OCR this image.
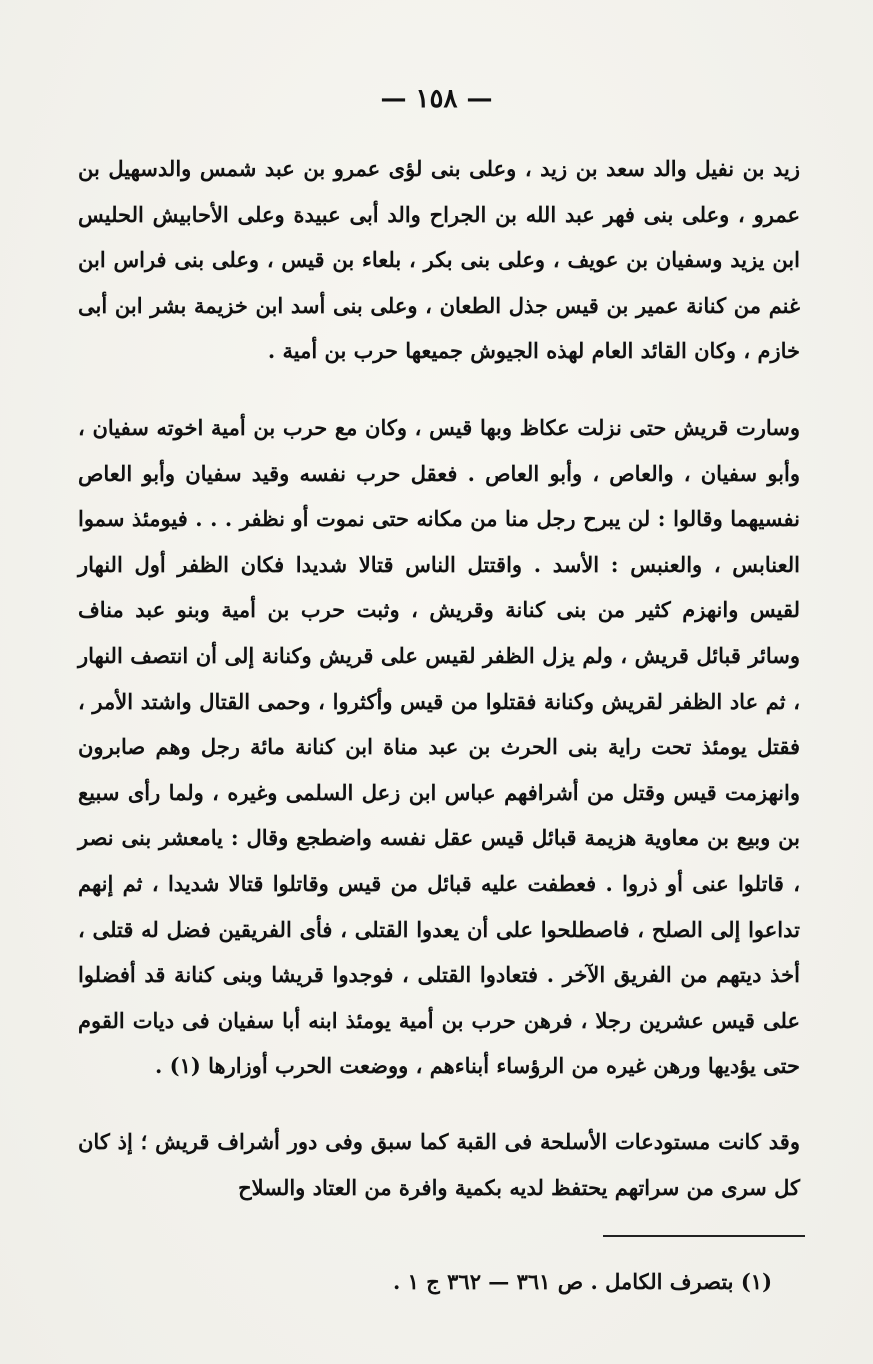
— ١٥٨ —
زيد بن نفيل والد سعد بن زيد ، وعلى بنى لؤى عمرو بن عبد شمس والدسهيل بن عمرو ، وعلى بنى فهر عبد الله بن الجراح والد أبى عبيدة وعلى الأحابيش الحليس ابن يزيد وسفيان بن عويف ، وعلى بنى بكر ، بلعاء بن قيس ، وعلى بنى فراس ابن غنم من كنانة عمير بن قيس جذل الطعان ، وعلى بنى أسد ابن خزيمة بشر ابن أبى خازم ، وكان القائد العام لهذه الجيوش جميعها حرب بن أمية .
وسارت قريش حتى نزلت عكاظ وبها قيس ، وكان مع حرب بن أمية اخوته سفيان ، وأبو سفيان ، والعاص ، وأبو العاص . فعقل حرب نفسه وقيد سفيان وأبو العاص نفسيهما وقالوا : لن يبرح رجل منا من مكانه حتى نموت أو نظفر . . . فيومئذ سموا العنابس ، والعنبس : الأسد . واقتتل الناس قتالا شديدا فكان الظفر أول النهار لقيس وانهزم كثير من بنى كنانة وقريش ، وثبت حرب بن أمية وبنو عبد مناف وسائر قبائل قريش ، ولم يزل الظفر لقيس على قريش وكنانة إلى أن انتصف النهار ، ثم عاد الظفر لقريش وكنانة فقتلوا من قيس وأكثروا ، وحمى القتال واشتد الأمر ، فقتل يومئذ تحت راية بنى الحرث بن عبد مناة ابن كنانة مائة رجل وهم صابرون وانهزمت قيس وقتل من أشرافهم عباس ابن زعل السلمى وغيره ، ولما رأى سبيع بن وبيع بن معاوية هزيمة قبائل قيس عقل نفسه واضطجع وقال : يامعشر بنى نصر ، قاتلوا عنى أو ذروا . فعطفت عليه قبائل من قيس وقاتلوا قتالا شديدا ، ثم إنهم تداعوا إلى الصلح ، فاصطلحوا على أن يعدوا القتلى ، فأى الفريقين فضل له قتلى ، أخذ ديتهم من الفريق الآخر . فتعادوا القتلى ، فوجدوا قريشا وبنى كنانة قد أفضلوا على قيس عشرين رجلا ، فرهن حرب بن أمية يومئذ ابنه أبا سفيان فى ديات القوم حتى يؤديها ورهن غيره من الرؤساء أبناءهم ، ووضعت الحرب أوزارها (١) .
وقد كانت مستودعات الأسلحة فى القبة كما سبق وفى دور أشراف قريش ؛ إذ كان كل سرى من سراتهم يحتفظ لديه بكمية وافرة من العتاد والسلاح
(١) بتصرف الكامل . ص ٣٦١ — ٣٦٢ ج ١ .
